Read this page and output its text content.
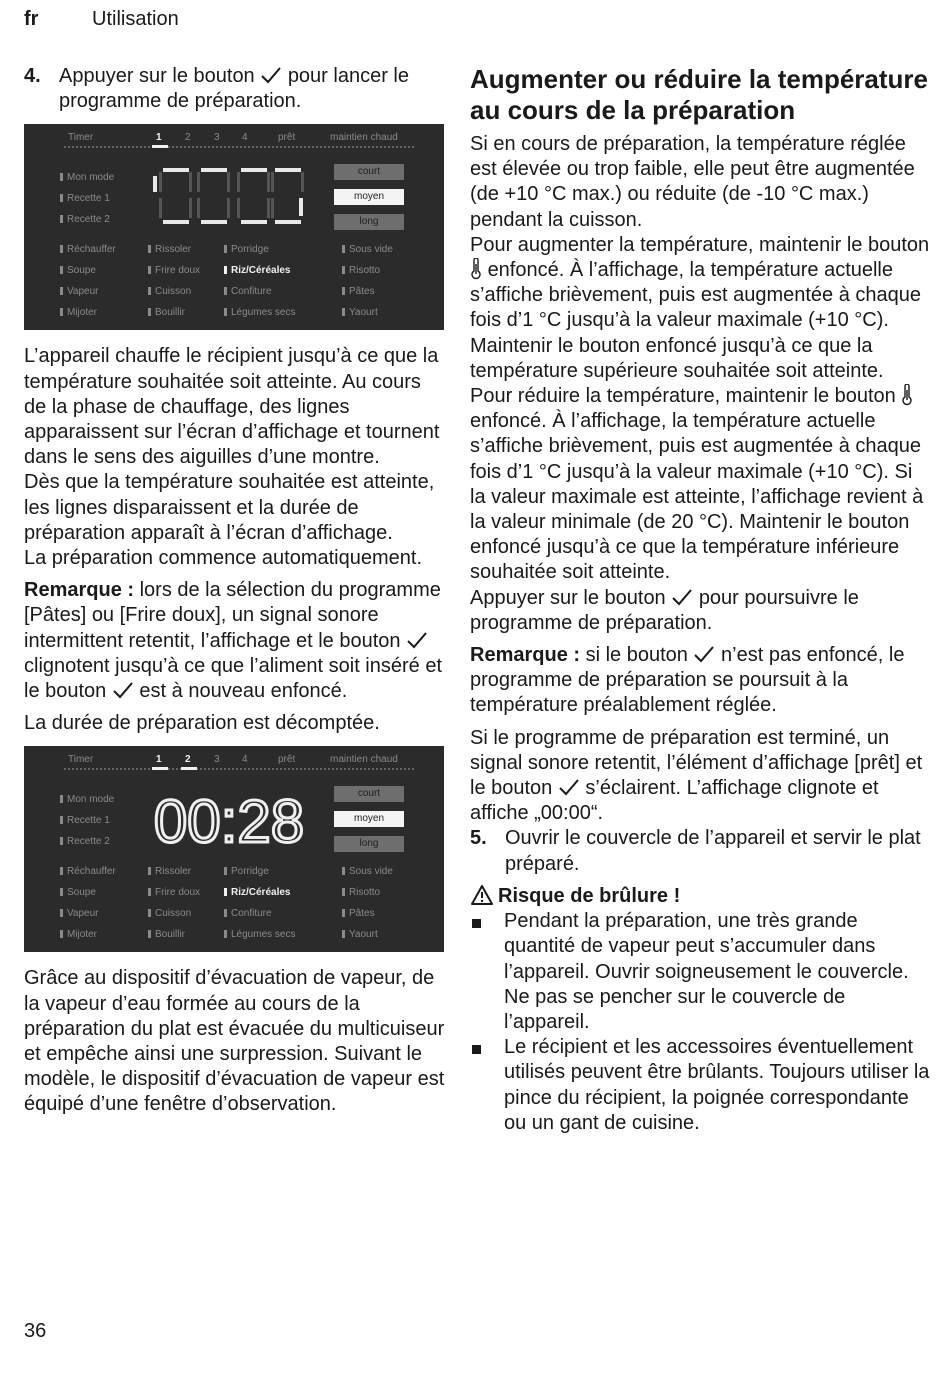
fr	Utilisation
4. Appuyer sur le bouton pour lancer le programme de préparation.
Timer	1 2 3 4	prêt	maintien chaud
Mon mode
Recette 1
Recette 2
court
moyen
long
Réchauffer
Soupe
Vapeur
Mijoter
Rissoler
Frire doux
Cuisson
Bouillir
Porridge
Riz/Céréales
Confiture
Légumes secs
Sous vide
Risotto
Pâtes
Yaourt

L’appareil chauffe le récipient jusqu’à ce que la température souhaitée soit atteinte. Au cours de la phase de chauffage, des lignes apparaissent sur l’écran d’affichage et tournent dans le sens des aiguilles d’une montre.

Dès que la température souhaitée est atteinte, les lignes disparaissent et la durée de préparation apparaît à l’écran d’affichage.

La préparation commence automatiquement.

Remarque : lors de la sélection du programme [Pâtes] ou [Frire doux], un signal sonore intermittent retentit, l’affichage et le bouton
clignotent jusqu’à ce que l’aliment soit inséré et le bouton est à nouveau enfoncé.

La durée de préparation est décomptée.

Timer	1 2 3 4	prêt	maintien chaud
Mon mode
Recette 1
Recette 2 00:28	court
moyen
long
Réchauffer
Soupe
Vapeur
Mijoter
Rissoler
Frire doux
Cuisson
Bouillir
Porridge
Riz/Céréales
Confiture
Légumes secs
Sous vide
Risotto
Pâtes
Yaourt

Grâce au dispositif d’évacuation de vapeur, de la vapeur d’eau formée au cours de la préparation du plat est évacuée du multicuiseur et empêche ainsi une surpression. Suivant le modèle, le dispositif d’évacuation de vapeur est équipé d’une fenêtre d’observation.

Augmenter ou réduire la température au cours de la préparation

Si en cours de préparation, la température réglée est élevée ou trop faible, elle peut être augmentée (de +10 °C max.) ou réduite (de -10 °C max.) pendant la cuisson.

Pour augmenter la température, maintenir le bouton
enfoncé. À l’affichage, la température actuelle s’affiche brièvement, puis est augmentée à chaque fois d’1 °C jusqu’à la valeur maximale (+10 °C).

Maintenir le bouton enfoncé jusqu’à ce que la température supérieure souhaitée soit atteinte.

Pour réduire la température, maintenir le bouton
enfoncé. À l’affichage, la température actuelle s’affiche brièvement, puis est augmentée à chaque fois d’1 °C jusqu’à la valeur maximale (+10 °C). Si la valeur maximale est atteinte, l’affichage revient à la valeur minimale (de 20 °C). Maintenir le bouton enfoncé jusqu’à ce que la température inférieure souhaitée soit atteinte.

Appuyer sur le bouton pour poursuivre le programme de préparation.

Remarque : si le bouton n’est pas enfoncé, le programme de préparation se poursuit à la température préalablement réglée.

Si le programme de préparation est terminé, un signal sonore retentit, l’élément d’affichage [prêt] et le bouton s’éclairent. L’affichage clignote et affiche „00:00“.

5. Ouvrir le couvercle de l’appareil et servir le plat préparé.

Risque de brûlure !

Pendant la préparation, une très grande quantité de vapeur peut s’accumuler dans l’appareil. Ouvrir soigneusement le couvercle. Ne pas se pencher sur le couvercle de l’appareil.
Le récipient et les accessoires éventuellement utilisés peuvent être brûlants. Toujours utiliser la pince du récipient, la poignée correspondante ou un gant de cuisine.
36
